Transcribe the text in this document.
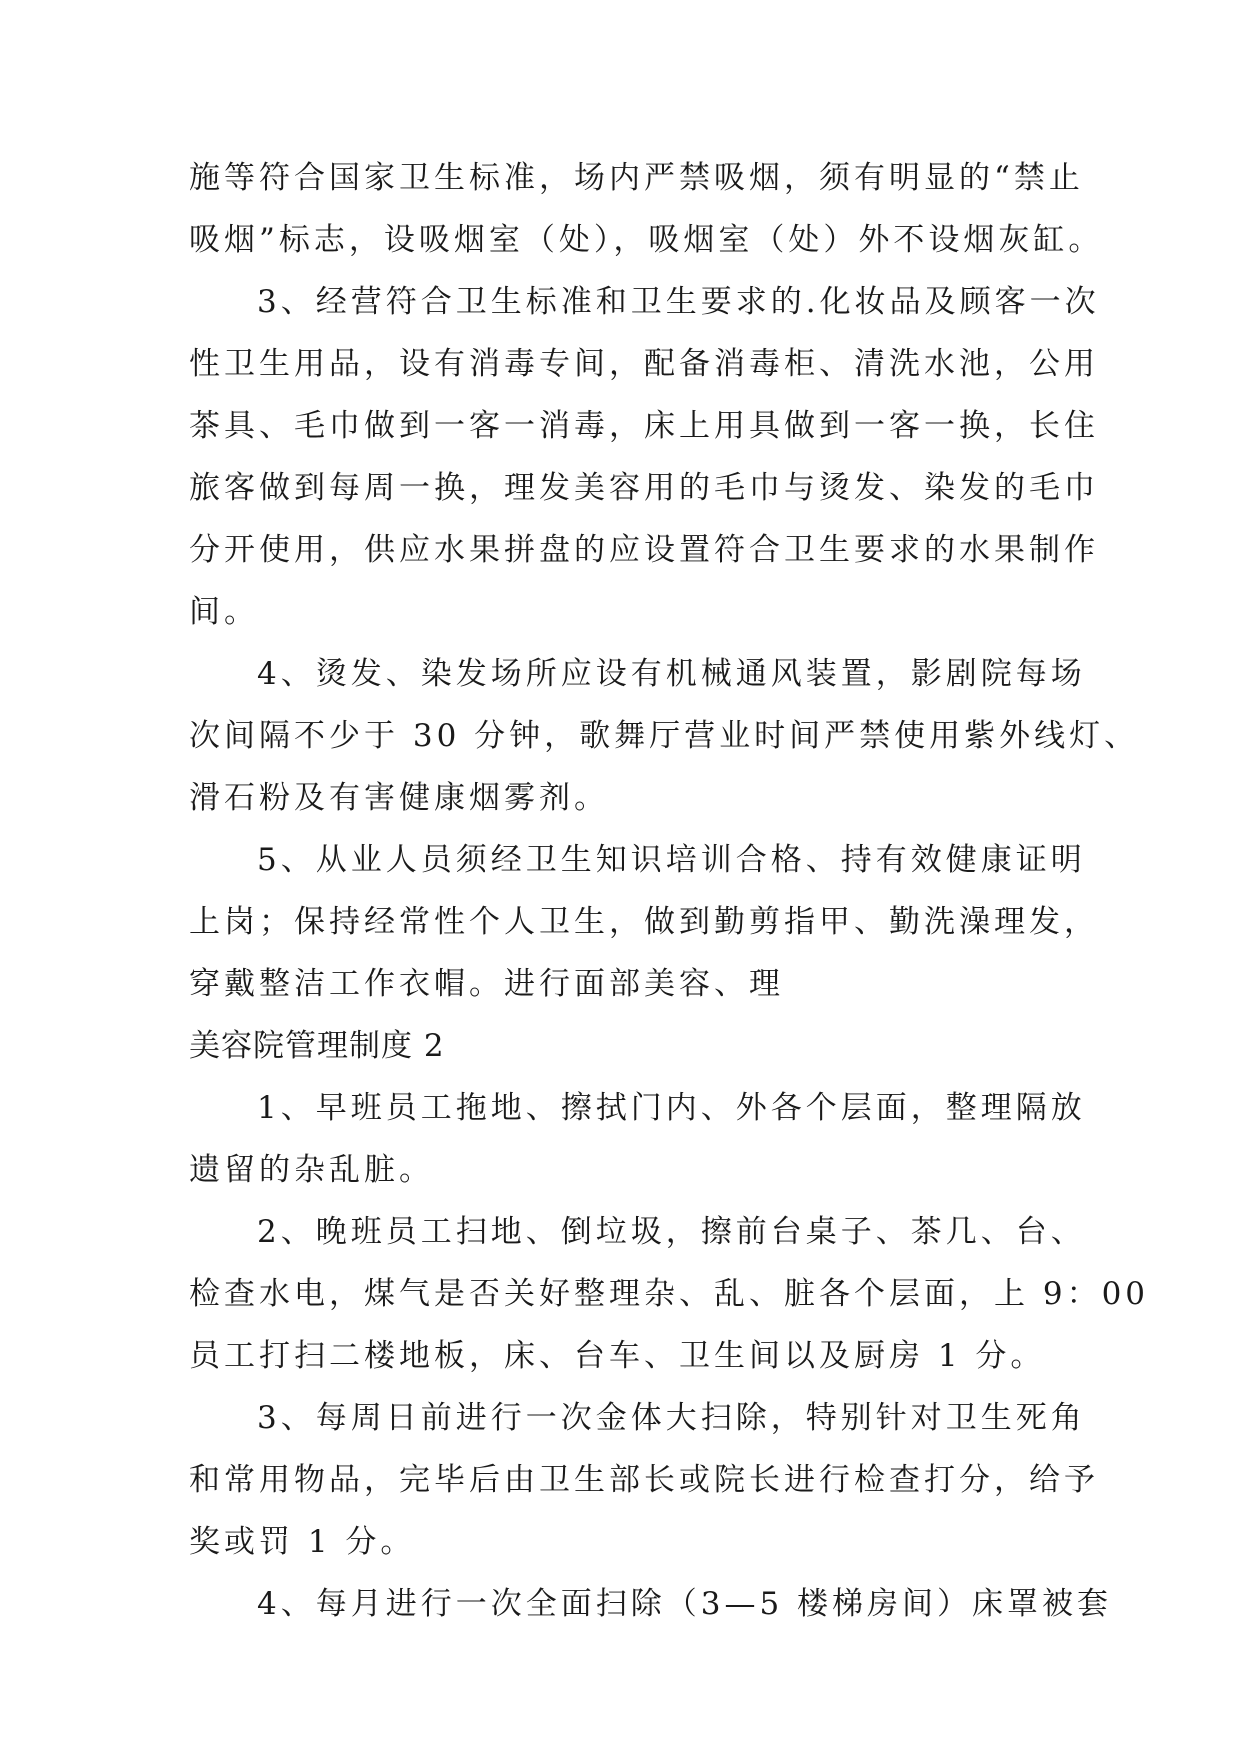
施等符合国家卫生标准，场内严禁吸烟，须有明显的“禁止
吸烟”标志，设吸烟室（处），吸烟室（处）外不设烟灰缸。
3、经营符合卫生标准和卫生要求的.化妆品及顾客一次
性卫生用品，设有消毒专间，配备消毒柜、清洗水池，公用
茶具、毛巾做到一客一消毒，床上用具做到一客一换，长住
旅客做到每周一换，理发美容用的毛巾与烫发、染发的毛巾
分开使用，供应水果拼盘的应设置符合卫生要求的水果制作
间。
4、烫发、染发场所应设有机械通风装置，影剧院每场
次间隔不少于 30 分钟，歌舞厅营业时间严禁使用紫外线灯、
滑石粉及有害健康烟雾剂。
5、从业人员须经卫生知识培训合格、持有效健康证明
上岗；保持经常性个人卫生，做到勤剪指甲、勤洗澡理发，
穿戴整洁工作衣帽。进行面部美容、理
美容院管理制度 2
1、早班员工拖地、擦拭门内、外各个层面，整理隔放
遗留的杂乱脏。
2、晚班员工扫地、倒垃圾，擦前台桌子、茶几、台、
检查水电，煤气是否关好整理杂、乱、脏各个层面，上 9：00
员工打扫二楼地板，床、台车、卫生间以及厨房 1 分。
3、每周日前进行一次金体大扫除，特别针对卫生死角
和常用物品，完毕后由卫生部长或院长进行检查打分，给予
奖或罚 1 分。
4、每月进行一次全面扫除（3—5 楼梯房间）床罩被套
